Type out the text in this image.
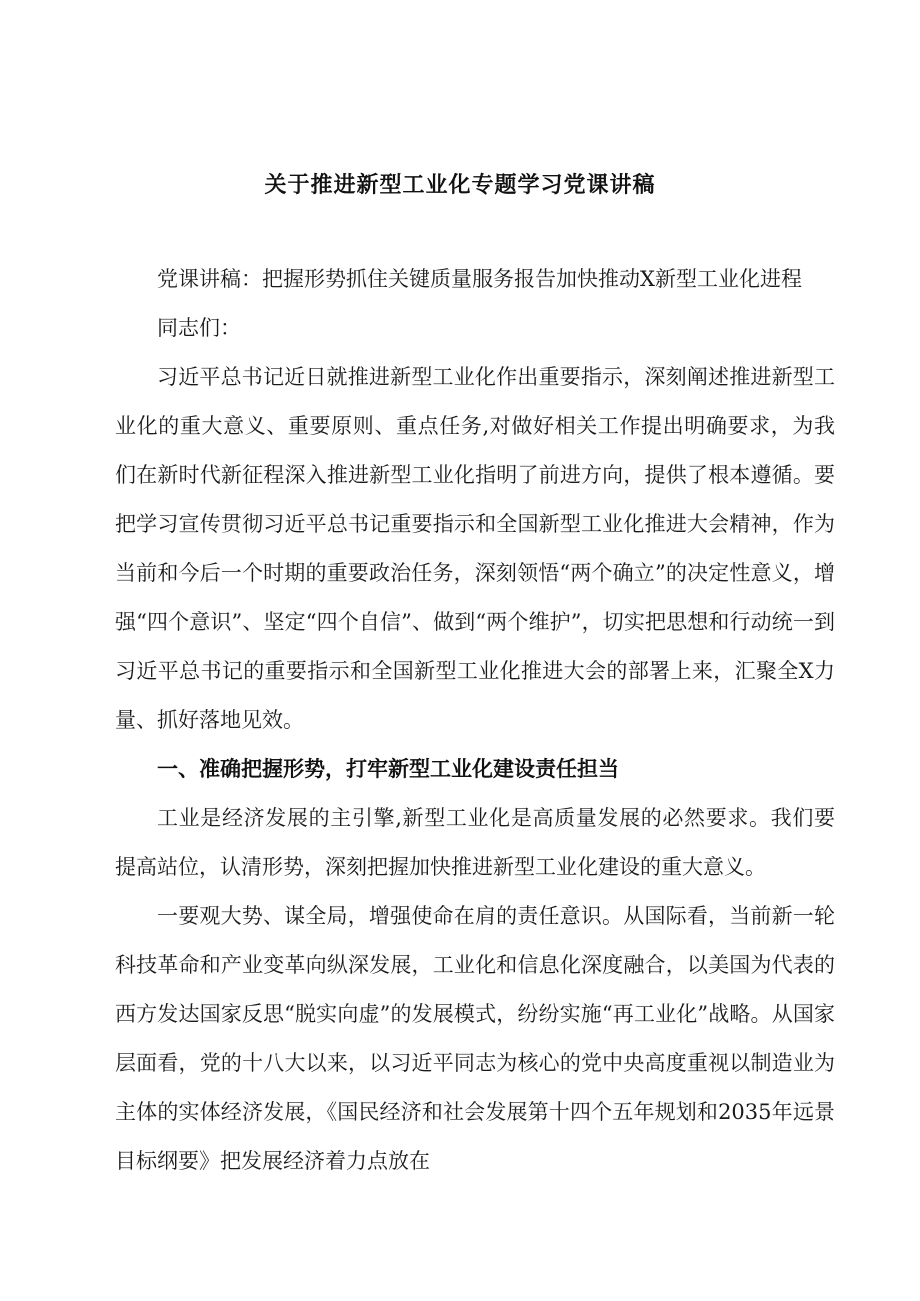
关于推进新型工业化专题学习党课讲稿

党课讲稿：把握形势抓住关键质量服务报告加快推动X新型工业化进程

同志们：

习近平总书记近日就推进新型工业化作出重要指示，深刻阐述推进新型工业化的重大意义、重要原则、重点任务,对做好相关工作提出明确要求，为我们在新时代新征程深入推进新型工业化指明了前进方向，提供了根本遵循。要把学习宣传贯彻习近平总书记重要指示和全国新型工业化推进大会精神，作为当前和今后一个时期的重要政治任务，深刻领悟“两个确立”的决定性意义，增强“四个意识”、坚定“四个自信”、做到“两个维护”，切实把思想和行动统一到习近平总书记的重要指示和全国新型工业化推进大会的部署上来，汇聚全X力量、抓好落地见效。

一、准确把握形势，打牢新型工业化建设责任担当

工业是经济发展的主引擎,新型工业化是高质量发展的必然要求。我们要提高站位，认清形势，深刻把握加快推进新型工业化建设的重大意义。

一要观大势、谋全局，增强使命在肩的责任意识。从国际看，当前新一轮科技革命和产业变革向纵深发展，工业化和信息化深度融合，以美国为代表的西方发达国家反思“脱实向虚”的发展模式，纷纷实施“再工业化”战略。从国家层面看，党的十八大以来，以习近平同志为核心的党中央高度重视以制造业为主体的实体经济发展，《国民经济和社会发展第十四个五年规划和2035年远景目标纲要》把发展经济着力点放在
